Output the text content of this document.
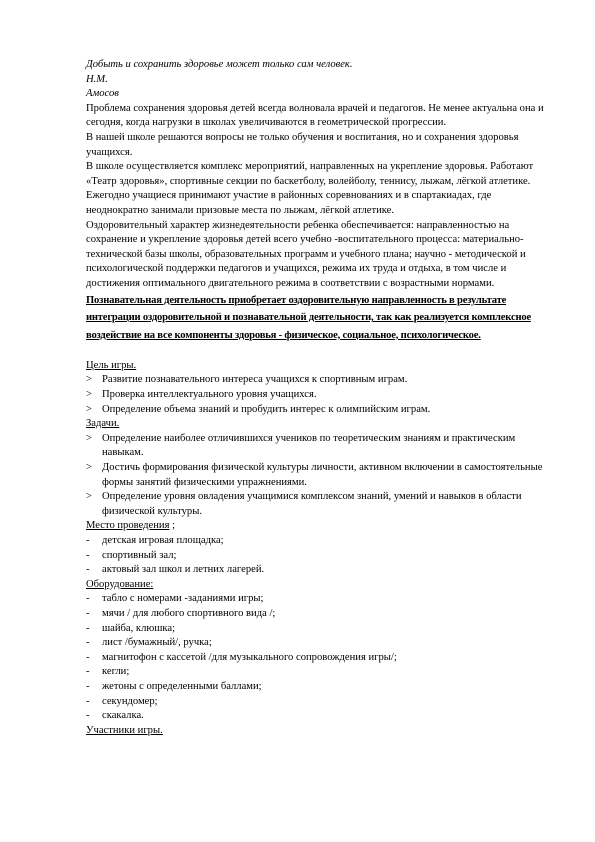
Добыть и сохранить здоровье может только сам человек.

Н.М.

Амосов

Проблема сохранения здоровья детей всегда волновала врачей и педагогов. Не менее актуальна она и сегодня, когда нагрузки в школах увеличиваются в геометрической прогрессии.

В нашей школе решаются вопросы не только обучения и воспитания, но и сохранения здоровья учащихся.

В школе осуществляется комплекс мероприятий, направленных на укрепление здоровья. Работают «Театр здоровья», спортивные секции по баскетболу, волейболу, теннису, лыжам, лёгкой атлетике. Ежегодно учащиеся принимают участие в районных соревнованиях и в спартакиадах, где неоднократно занимали призовые места по лыжам, лёгкой атлетике.

Оздоровительный характер жизнедеятельности ребенка обеспечивается: направленностью на сохранение и укрепление здоровья детей всего учебно -воспитательного процесса: материально-технической базы школы, образовательных программ и учебного плана; научно - методической и психологической поддержки педагогов и учащихся, режима их труда и отдыха, в том числе и достижения оптимального двигательного режима в соответствии с возрастными нормами.

Познавательная деятельность приобретает оздоровительную направленность в результате интеграции оздоровительной и познавательной деятельности, так как реализуется комплексное воздействие на все компоненты здоровья - физическое, социальное, психологическое.

Цель игры.

> Развитие познавательного интереса учащихся к спортивным играм.
> Проверка интеллектуального уровня учащихся.
> Определение объема знаний и пробудить интерес к олимпийским играм.

Задачи.

> Определение наиболее отличившихся учеников по теоретическим знаниям и практическим навыкам.
> Достичь формирования физической культуры личности, активном включении в самостоятельные формы занятий физическими упражнениями.
> Определение уровня овладения учащимися комплексом знаний, умений и навыков в области физической культуры.

Место проведения ;

- детская игровая площадка;
- спортивный зал;
- актовый зал школ и летних лагерей.

Оборудование:

- табло с номерами -заданиями игры;
- мячи / для любого спортивного вида /;
- шайба, клюшка;
- лист /бумажный/, ручка;
- магнитофон с кассетой /для музыкального сопровождения игры/;
- кегли;
- жетоны с определенными баллами;
- секундомер;
- скакалка.

Участники игры.
